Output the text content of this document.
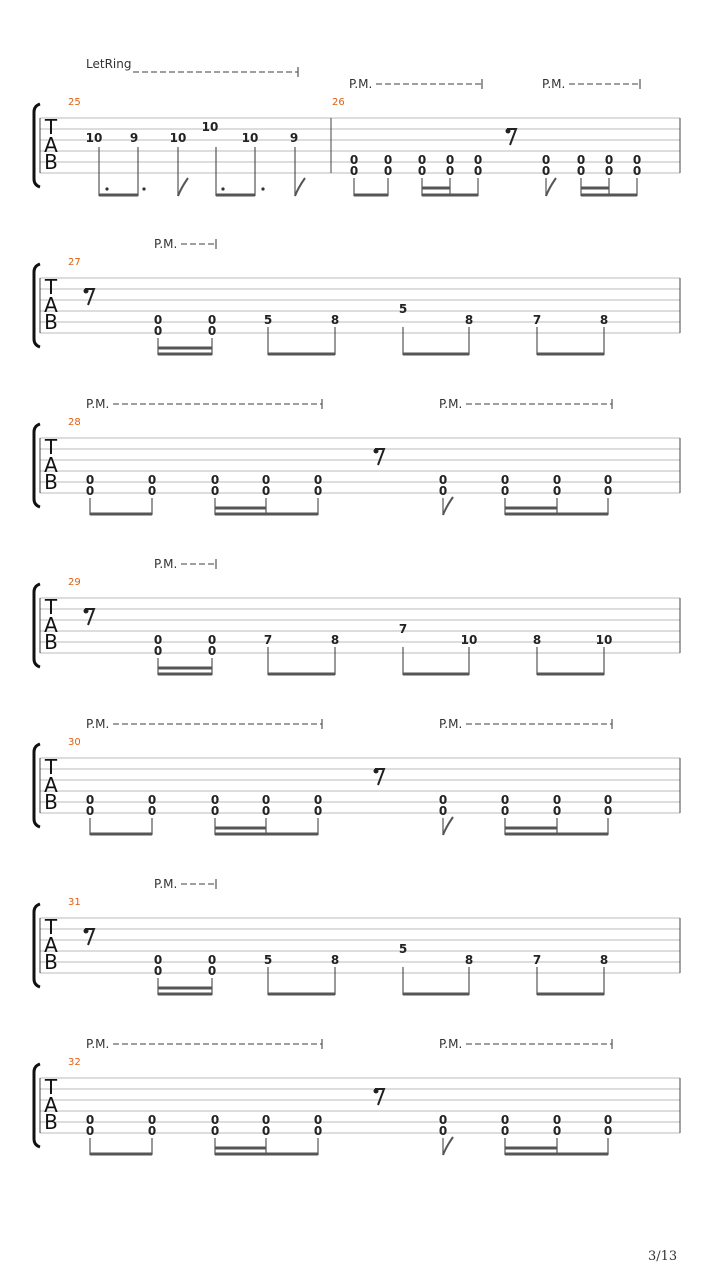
T
A
B
25	26
LetRing
P.M.	P.M.
10 9	10
10
10	9
0
0
0
0
0
0
0
0
0
0
0
0
0
0
0
0
0
0
T
A
B
27
P.M.
0
0
0
0
5	8
5
8	7	8
T
A
B
28
P.M.	P.M.
0
0
0
0
0
0
0
0
0
0
0
0
0
0
0
0
0
0
T
A
B
29
P.M.
0
0
0
0
7	8
7
10	8	10
T
A
B
30
P.M.	P.M.
0
0
0
0
0
0
0
0
0
0
0
0
0
0
0
0
0
0
T
A
B
31
P.M.
0
0
0
0
5	8
5
8	7	8
T
A
B
32
P.M.	P.M.
0
0
0
0
0
0
0
0
0
0
0
0
0
0
0
0
0
0
3/13
